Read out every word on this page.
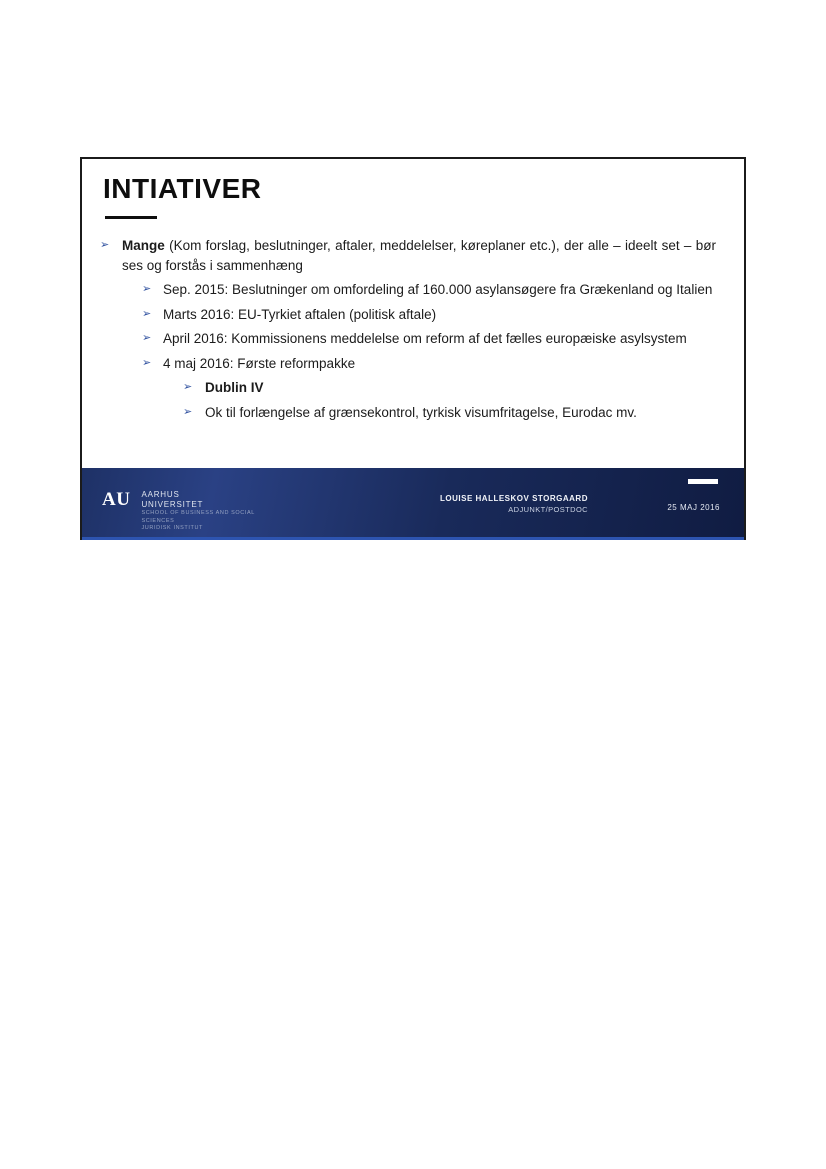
INTIATIVER
➢ Mange (Kom forslag, beslutninger, aftaler, meddelelser, køreplaner etc.), der alle – ideelt set – bør ses og forstås i sammenhæng
➢ Sep. 2015: Beslutninger om omfordeling af 160.000 asylansøgere fra Grækenland og Italien
➢ Marts 2016: EU-Tyrkiet aftalen (politisk aftale)
➢ April 2016: Kommissionens meddelelse om reform af det fælles europæiske asylsystem
➢ 4 maj 2016: Første reformpakke
➢ Dublin IV
➢ Ok til forlængelse af grænsekontrol, tyrkisk visumfritagelse, Eurodac mv.
AU AARHUS
UNIVERSITET
SCHOOL OF BUSINESS AND SOCIAL
SCIENCES
JURIDISK INSTITUT
LOUISE HALLESKOV STORGAARD
ADJUNKT/POSTDOC	25 MAJ 2016
